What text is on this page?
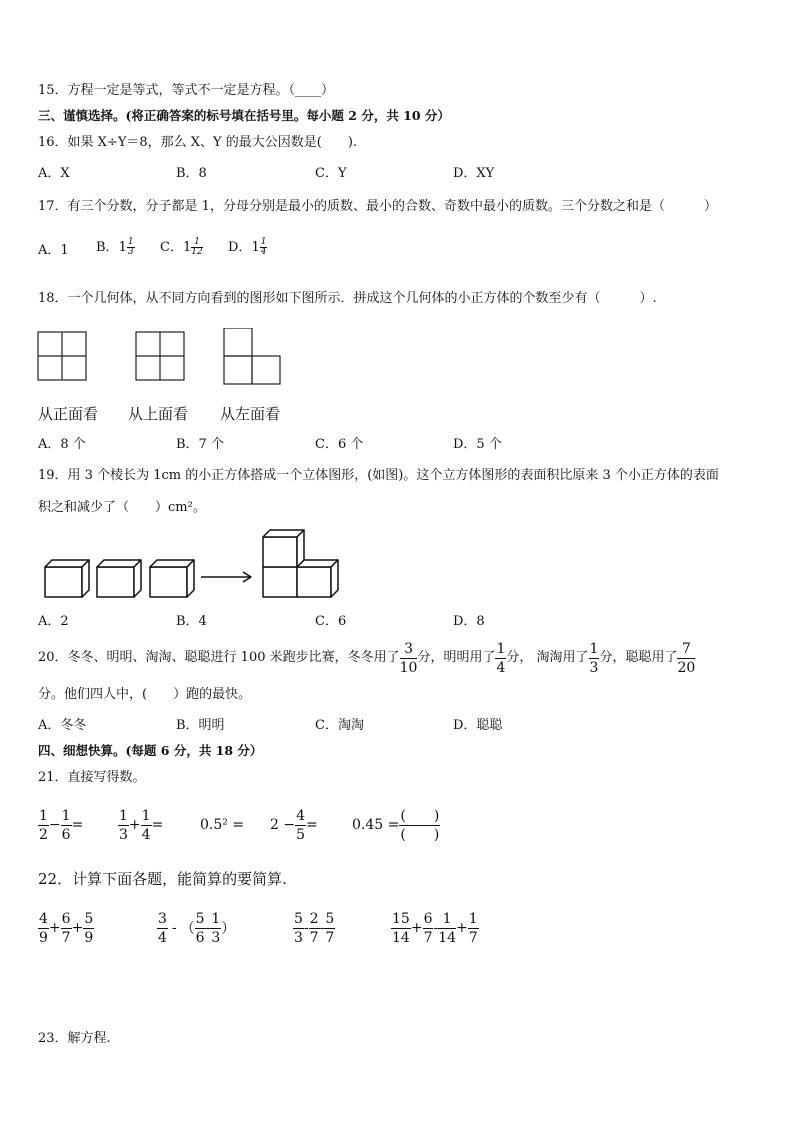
15．方程一定是等式，等式不一定是方程。（____）
三、谨慎选择。(将正确答案的标号填在括号里。每小题 2 分，共 10 分）
16．如果 X÷Y＝8，那么 X、Y 的最大公因数是(　　).
A．X	B．8	C．Y	D．XY
17．有三个分数，分子都是 1，分母分别是最小的质数、最小的合数、奇数中最小的质数。三个分数之和是（　　　）
A．1 B． $1 \frac{1}{3}$ C． $1 \frac{1}{12}$ D． $1 \frac{1}{4}$
18．一个几何体，从不同方向看到的图形如下图所示．拼成这个几何体的小正方体的个数至少有（　　　）.
从正面看 从上面看 从左面看
A．8 个	B．7 个	C．6 个	D．5 个
19．用 3 个棱长为 1cm 的小正方体搭成一个立体图形，(如图)。这个立方体图形的表面积比原来 3 个小正方体的表面
积之和减少了（　　）cm²。
A．2	B．4	C．6	D．8
20．冬冬、明明、淘淘、聪聪进行 100 米跑步比赛，冬冬用了 $\frac{3}{10}$ 分，明明用了 $\frac{1}{4}$ 分， 淘淘用了 $\frac{1}{3}$ 分，聪聪用了 $\frac{7}{20}$
分。他们四人中，(　　）跑的最快。
A．冬冬	B．明明	C．淘淘	D．聪聪
四、细想快算。(每题 6 分，共 18 分）
21．直接写得数。
$\frac{1}{2} - \frac{1}{6} = \frac{1}{3} + \frac{1}{4}$ =	$0.5^2 = 2 - \frac{4}{5} = 0.45 = \frac{( )}{( )}$
22．计算下面各题，能简算的要简算.
$\frac{4}{9} + \frac{6}{7} + \frac{5}{9}$	$\frac{3}{4}$ - （ $\frac{5}{6} - \frac{1}{3}$ ）	$\frac{5}{3} - \frac{2}{7} - \frac{5}{7}$	$\frac{15}{14} + \frac{6}{7} - \frac{1}{14} + \frac{1}{7}$
23．解方程.
